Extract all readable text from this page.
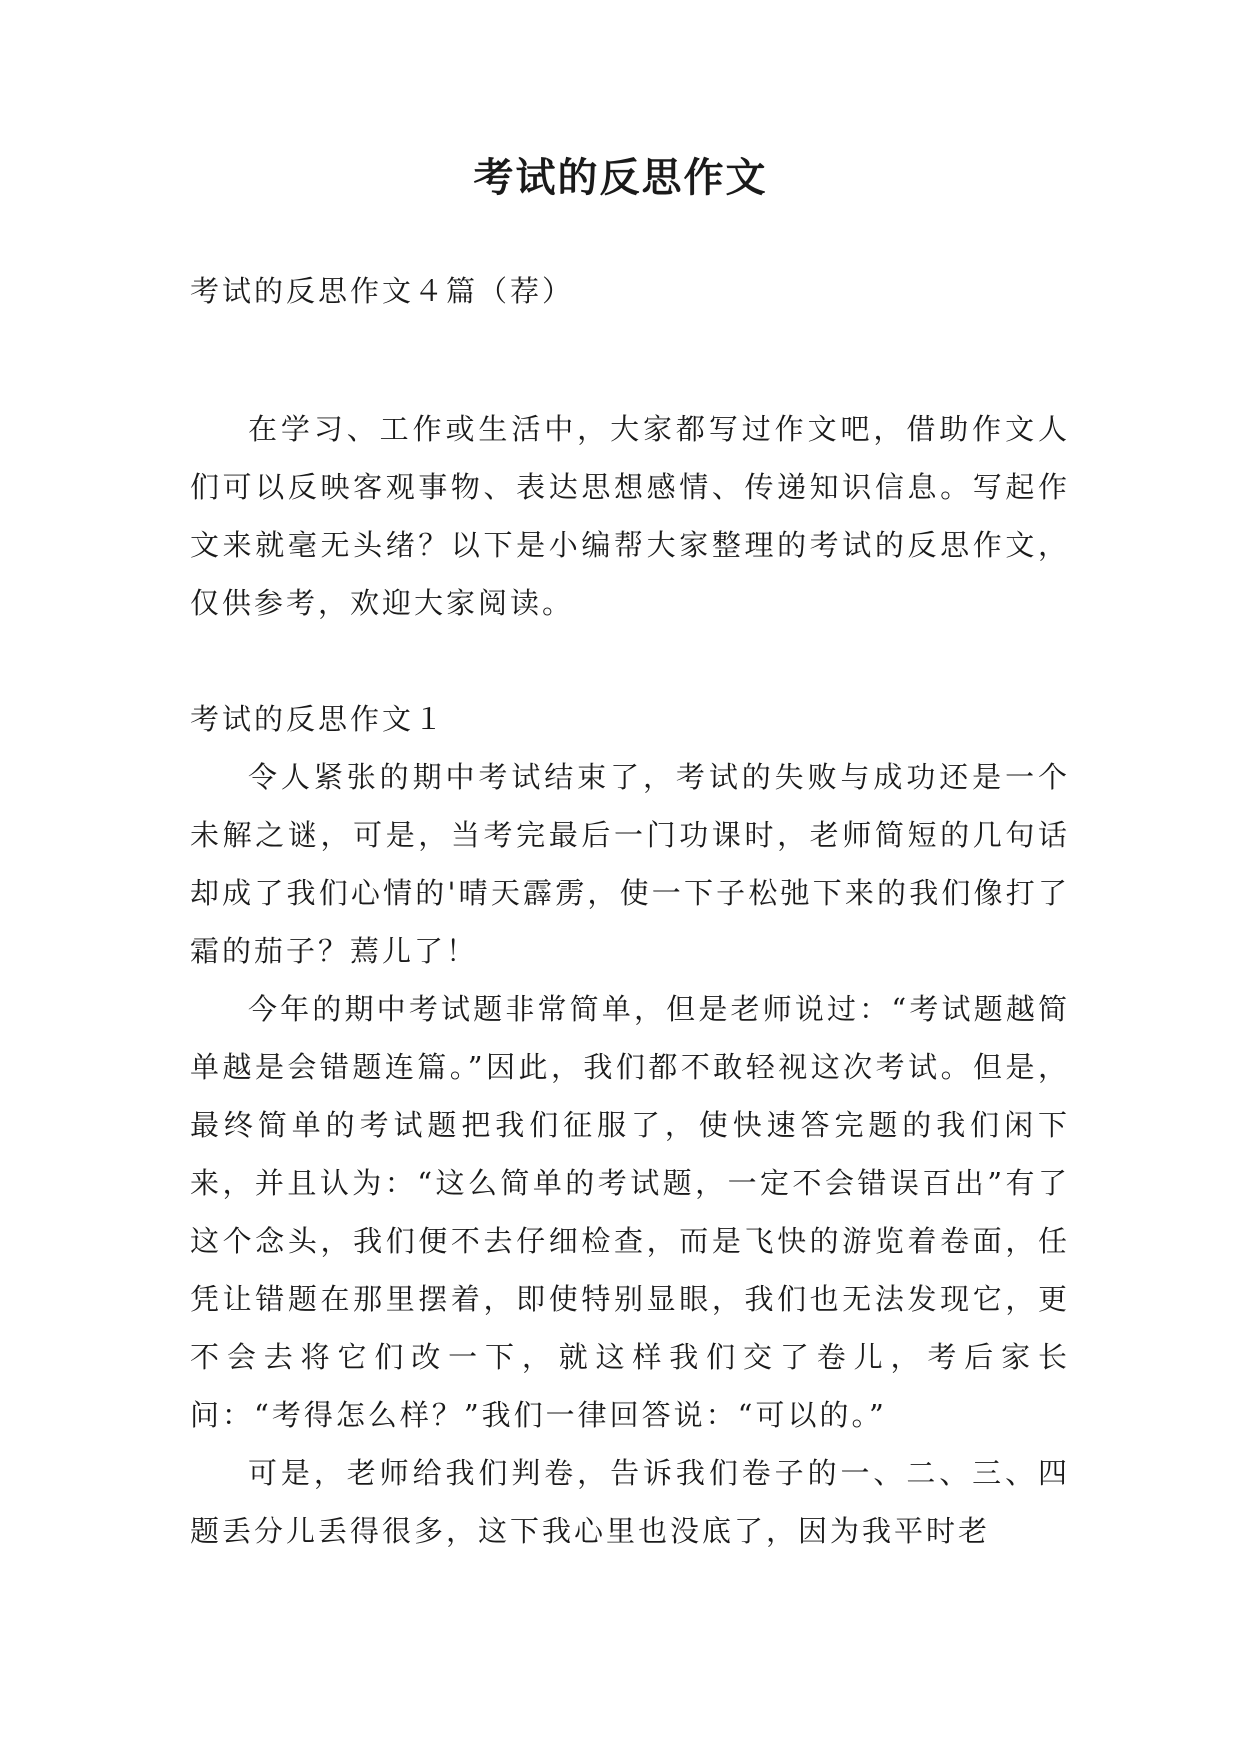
考试的反思作文
考试的反思作文４篇（荐）

在学习、工作或生活中，大家都写过作文吧，借助作文人们可以反映客观事物、表达思想感情、传递知识信息。写起作文来就毫无头绪？以下是小编帮大家整理的考试的反思作文，仅供参考，欢迎大家阅读。

考试的反思作文１

令人紧张的期中考试结束了，考试的失败与成功还是一个未解之谜，可是，当考完最后一门功课时，老师简短的几句话却成了我们心情的'晴天霹雳，使一下子松弛下来的我们像打了霜的茄子？蔫儿了！

今年的期中考试题非常简单，但是老师说过：“考试题越简单越是会错题连篇。”因此，我们都不敢轻视这次考试。但是，最终简单的考试题把我们征服了，使快速答完题的我们闲下来，并且认为：“这么简单的考试题，一定不会错误百出”有了这个念头，我们便不去仔细检查，而是飞快的游览着卷面，任凭让错题在那里摆着，即使特别显眼，我们也无法发现它，更不会去将它们改一下，就这样我们交了卷儿，考后家长问：“考得怎么样？”我们一律回答说：“可以的。”

可是，老师给我们判卷，告诉我们卷子的一、二、三、四题丢分儿丢得很多，这下我心里也没底了，因为我平时老
